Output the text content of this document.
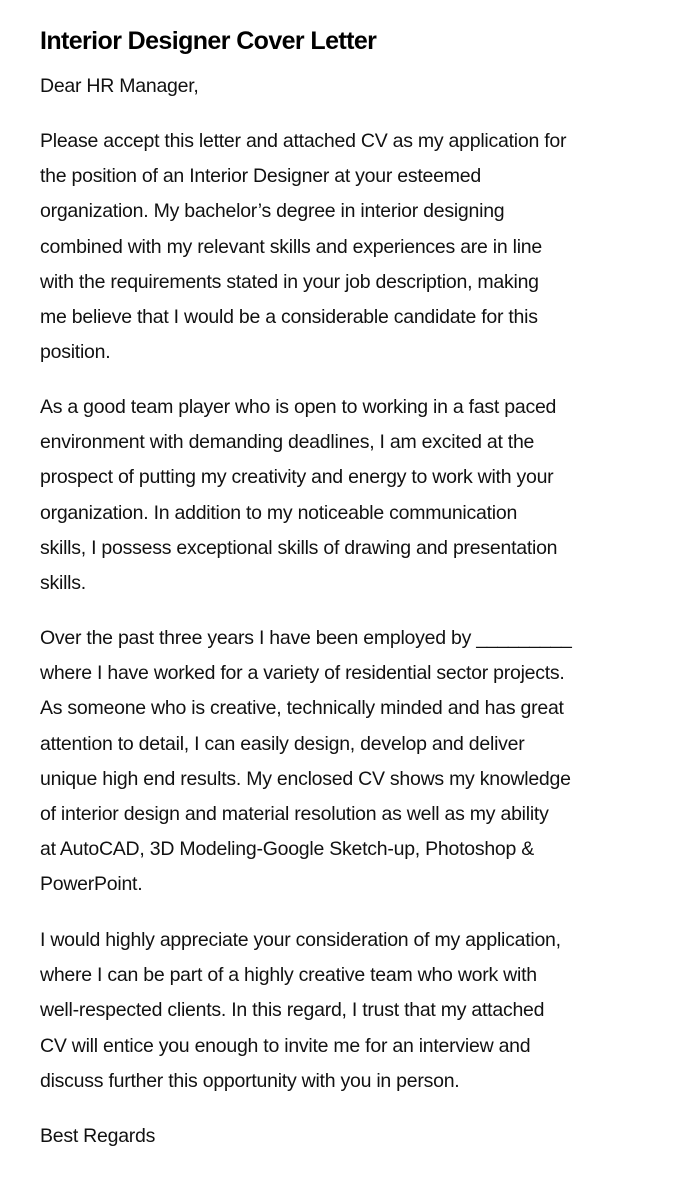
Interior Designer Cover Letter
Dear HR Manager,
Please accept this letter and attached CV as my application for
the position of an Interior Designer at your esteemed
organization. My bachelor’s degree in interior designing
combined with my relevant skills and experiences are in line
with the requirements stated in your job description, making
me believe that I would be a considerable candidate for this
position.
As a good team player who is open to working in a fast paced
environment with demanding deadlines, I am excited at the
prospect of putting my creativity and energy to work with your
organization. In addition to my noticeable communication
skills, I possess exceptional skills of drawing and presentation
skills.
Over the past three years I have been employed by _________
where I have worked for a variety of residential sector projects.
As someone who is creative, technically minded and has great
attention to detail, I can easily design, develop and deliver
unique high end results. My enclosed CV shows my knowledge
of interior design and material resolution as well as my ability
at AutoCAD, 3D Modeling-Google Sketch-up, Photoshop &
PowerPoint.
I would highly appreciate your consideration of my application,
where I can be part of a highly creative team who work with
well-respected clients. In this regard, I trust that my attached
CV will entice you enough to invite me for an interview and
discuss further this opportunity with you in person.
Best Regards
